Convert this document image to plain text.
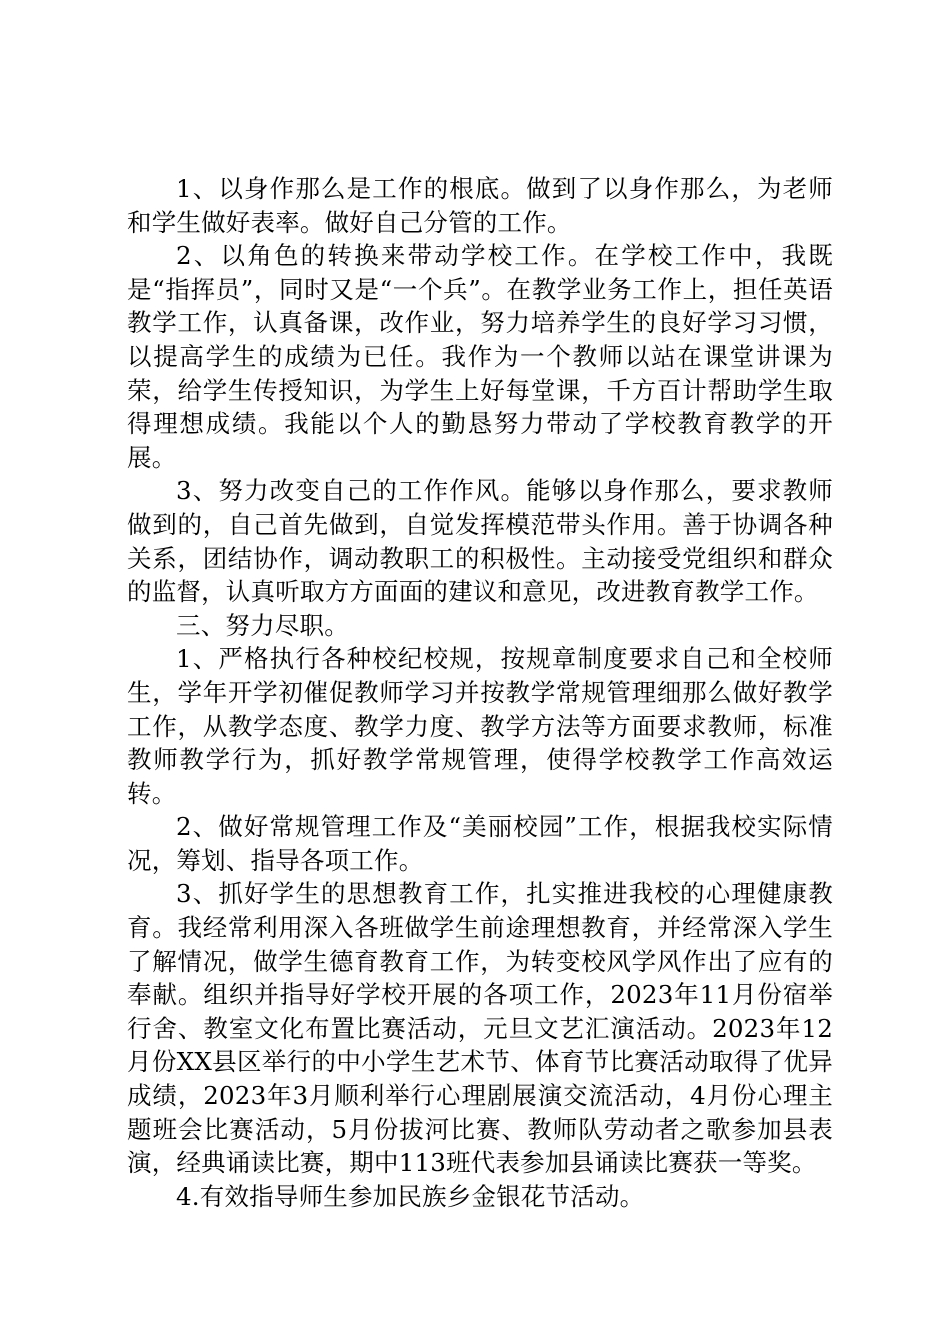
1、以身作那么是工作的根底。做到了以身作那么，为老师和学生做好表率。做好自己分管的工作。

2、以角色的转换来带动学校工作。在学校工作中，我既是“指挥员”，同时又是“一个兵”。在教学业务工作上，担任英语教学工作，认真备课，改作业，努力培养学生的良好学习习惯，以提高学生的成绩为已任。我作为一个教师以站在课堂讲课为荣，给学生传授知识，为学生上好每堂课，千方百计帮助学生取得理想成绩。我能以个人的勤恳努力带动了学校教育教学的开展。

3、努力改变自己的工作作风。能够以身作那么，要求教师做到的，自己首先做到，自觉发挥模范带头作用。善于协调各种关系，团结协作，调动教职工的积极性。主动接受党组织和群众的监督，认真听取方方面面的建议和意见，改进教育教学工作。

三、努力尽职。

1、严格执行各种校纪校规，按规章制度要求自己和全校师生，学年开学初催促教师学习并按教学常规管理细那么做好教学工作，从教学态度、教学力度、教学方法等方面要求教师，标准教师教学行为，抓好教学常规管理，使得学校教学工作高效运转。

2、做好常规管理工作及“美丽校园”工作，根据我校实际情况，筹划、指导各项工作。

3、抓好学生的思想教育工作，扎实推进我校的心理健康教育。我经常利用深入各班做学生前途理想教育，并经常深入学生了解情况，做学生德育教育工作，为转变校风学风作出了应有的奉献。组织并指导好学校开展的各项工作，2023年11月份宿举行舍、教室文化布置比赛活动，元旦文艺汇演活动。2023年12月份XX县区举行的中小学生艺术节、体育节比赛活动取得了优异成绩，2023年3月顺利举行心理剧展演交流活动，4月份心理主题班会比赛活动，5月份拔河比赛、教师队劳动者之歌参加县表演，经典诵读比赛，期中113班代表参加县诵读比赛获一等奖。

4.有效指导师生参加民族乡金银花节活动。
